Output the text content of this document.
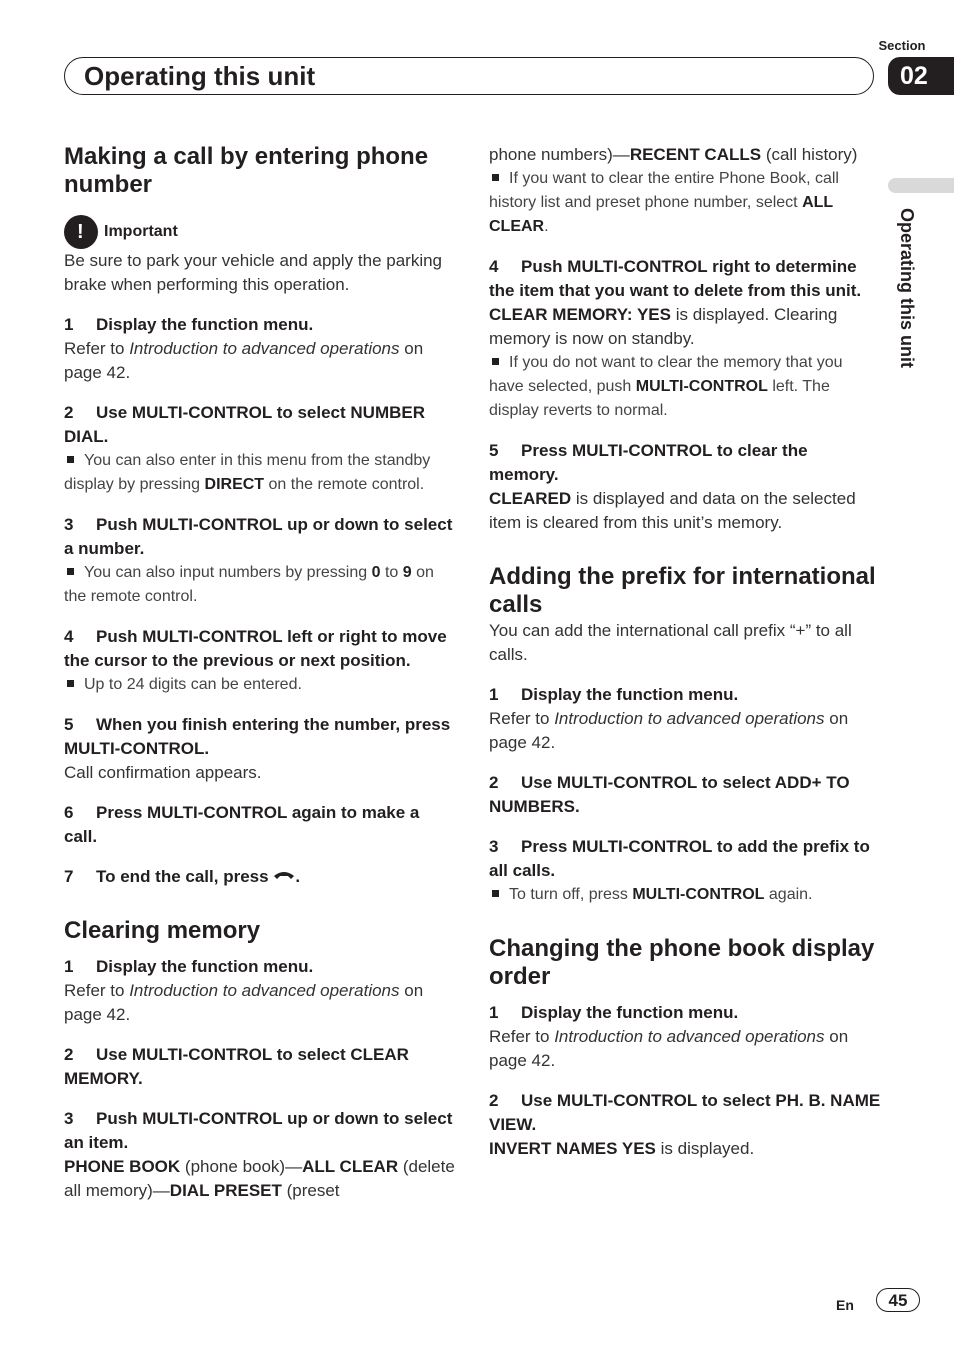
Operating this unit
Section
02
Operating this unit
Making a call by entering phone number
!
Important

Be sure to park your vehicle and apply the parking brake when performing this operation.

1 Display the function menu.

Refer to Introduction to advanced operations on page 42.

2 Use MULTI-CONTROL to select NUMBER DIAL.

You can also enter in this menu from the standby display by pressing DIRECT on the remote control.

3 Push MULTI-CONTROL up or down to select a number.

You can also input numbers by pressing 0 to 9 on the remote control.

4 Push MULTI-CONTROL left or right to move the cursor to the previous or next position.

Up to 24 digits can be entered.

5 When you finish entering the number, press MULTI-CONTROL.

Call confirmation appears.

6 Press MULTI-CONTROL again to make a call.

7 To end the call, press .

Clearing memory

1 Display the function menu.

Refer to Introduction to advanced operations on page 42.

2 Use MULTI-CONTROL to select CLEAR MEMORY.

3 Push MULTI-CONTROL up or down to select an item.

PHONE BOOK (phone book)—ALL CLEAR (delete all memory)—DIAL PRESET (preset

phone numbers)—RECENT CALLS (call history)

If you want to clear the entire Phone Book, call history list and preset phone number, select ALL CLEAR.

4 Push MULTI-CONTROL right to determine the item that you want to delete from this unit.

CLEAR MEMORY: YES is displayed. Clearing memory is now on standby.

If you do not want to clear the memory that you have selected, push MULTI-CONTROL left. The display reverts to normal.

5 Press MULTI-CONTROL to clear the memory.

CLEARED is displayed and data on the selected item is cleared from this unit’s memory.

Adding the prefix for international calls

You can add the international call prefix “+” to all calls.

1 Display the function menu.

Refer to Introduction to advanced operations on page 42.

2 Use MULTI-CONTROL to select ADD+ TO NUMBERS.

3 Press MULTI-CONTROL to add the prefix to all calls.

To turn off, press MULTI-CONTROL again.

Changing the phone book display order

1 Display the function menu.

Refer to Introduction to advanced operations on page 42.

2 Use MULTI-CONTROL to select PH. B. NAME VIEW.

INVERT NAMES YES is displayed.

En	45
